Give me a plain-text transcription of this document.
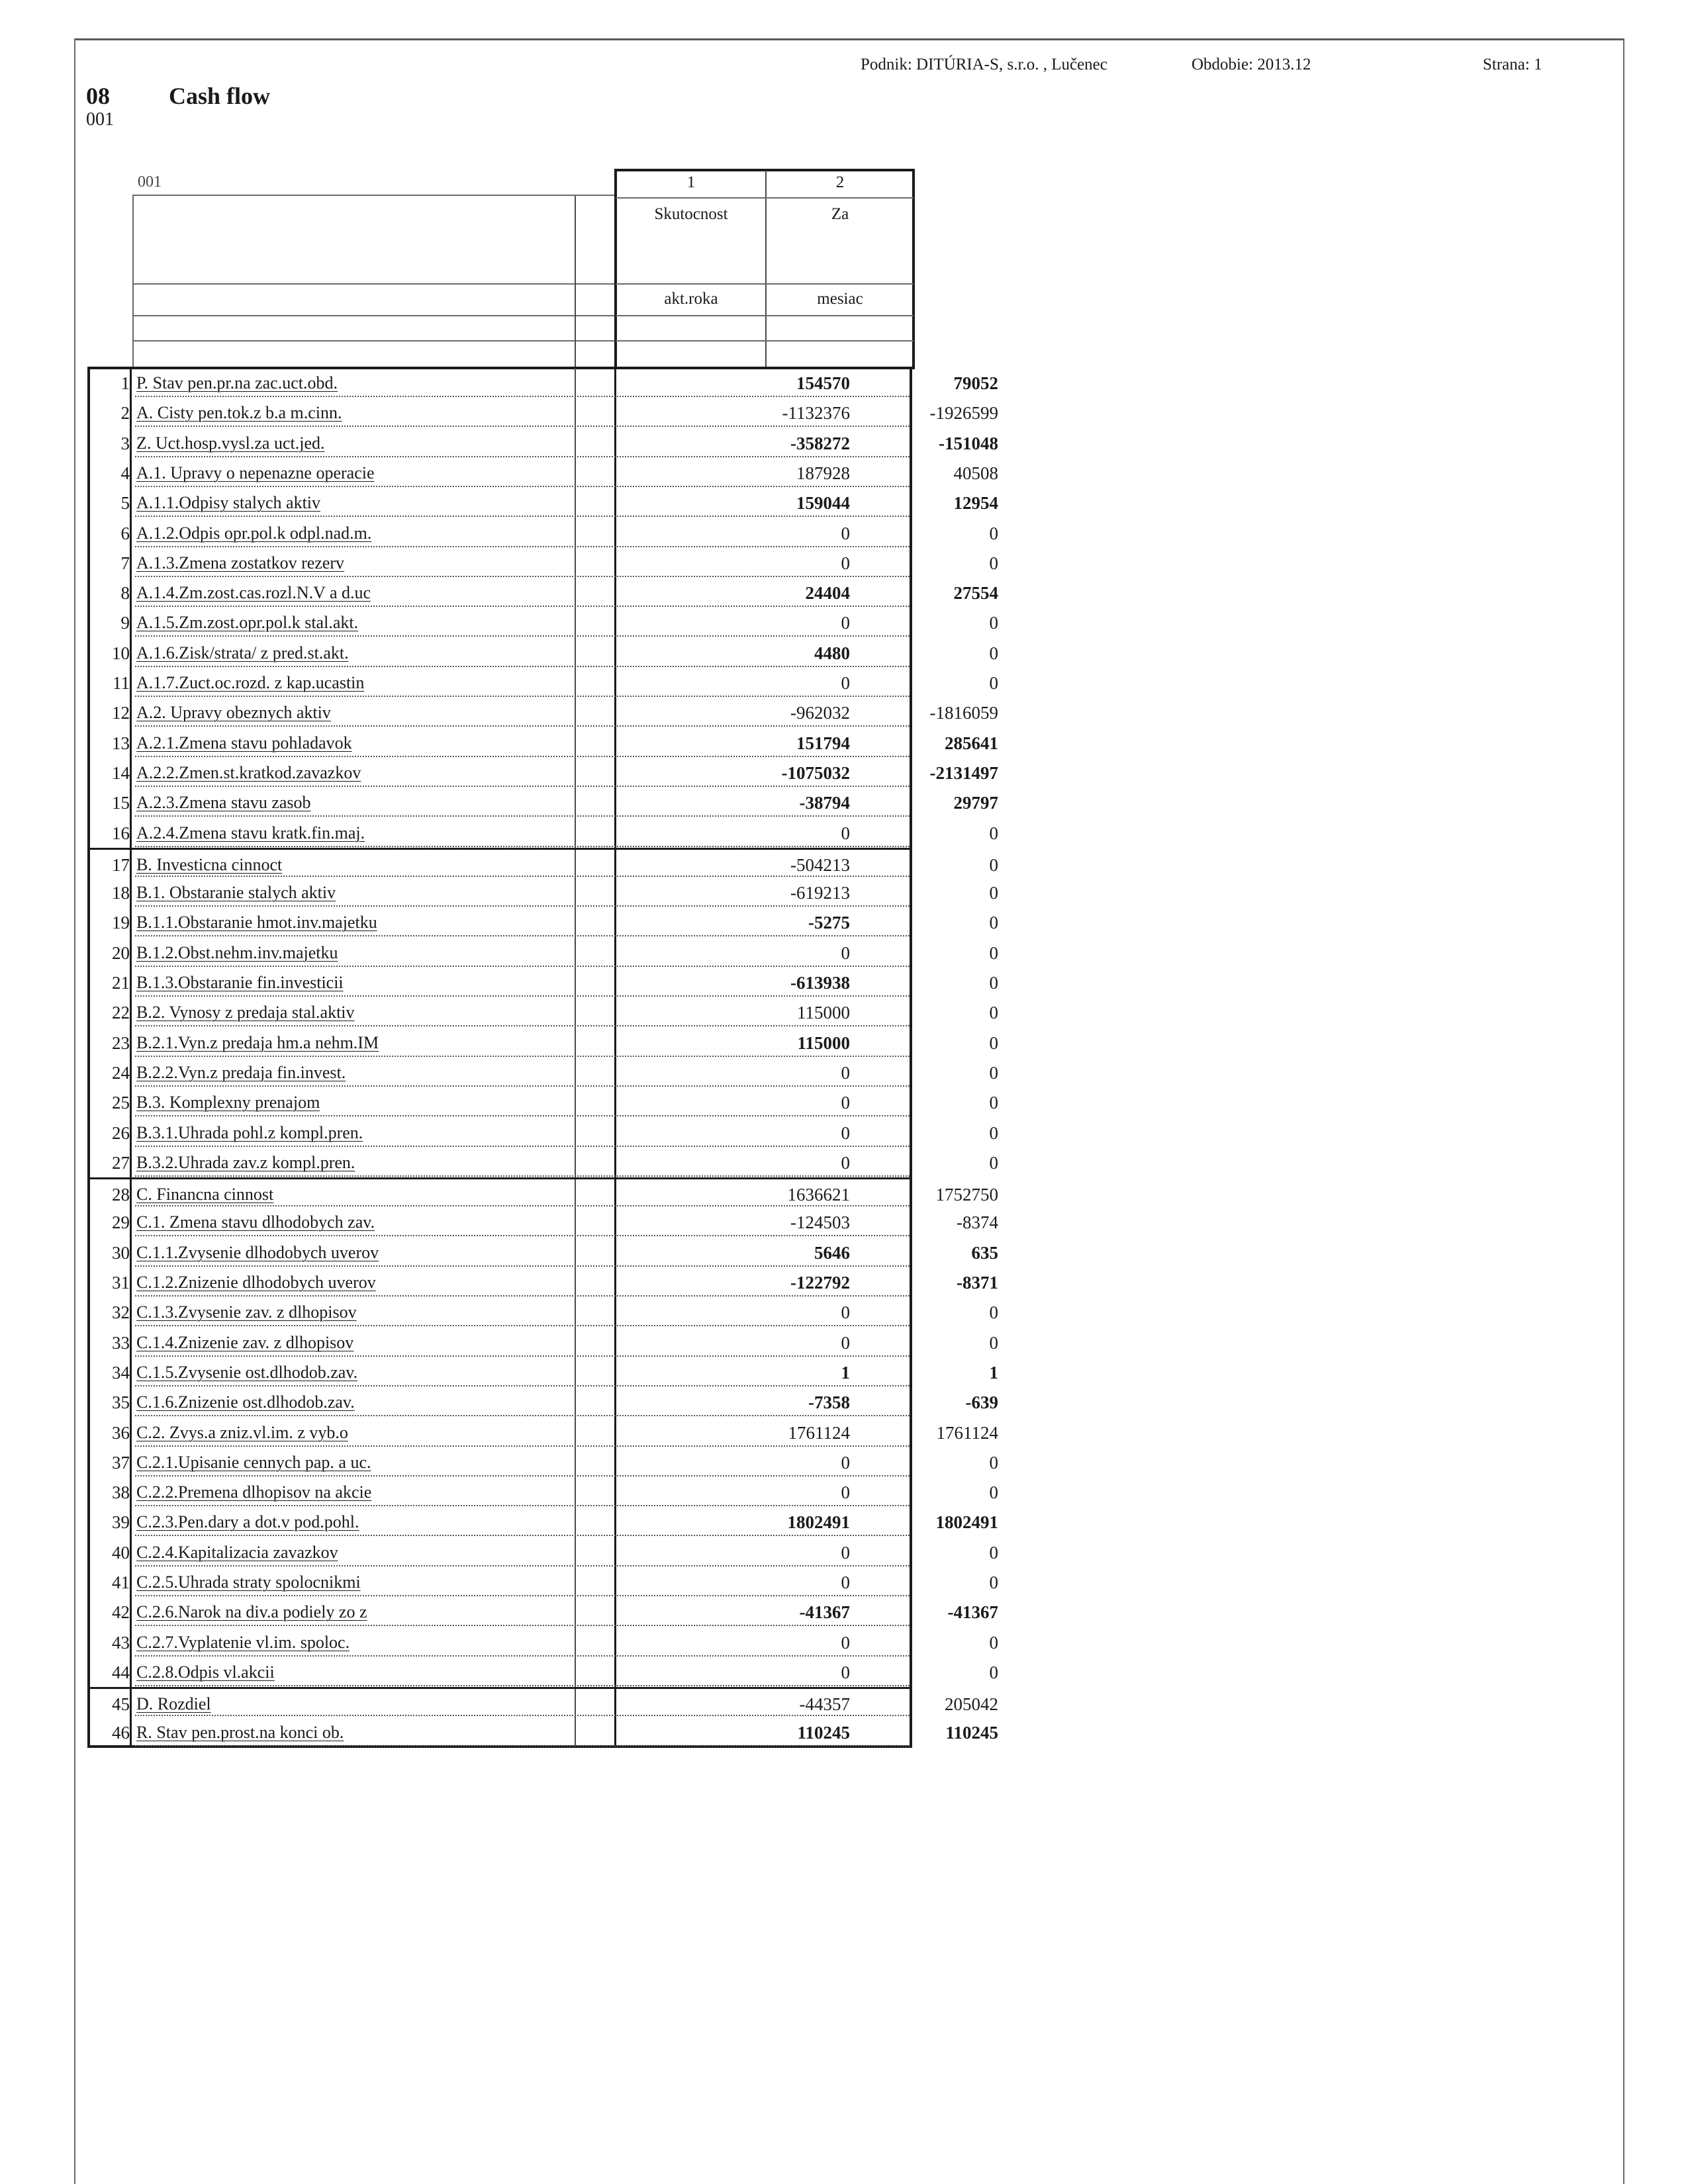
Podnik: DITÚRIA-S, s.r.o. , Lučenec	Obdobie: 2013.12	Strana: 1
08 Cash flow
001
001	1	2
Skutocnost	Za
akt.roka	mesiac
1 P. Stav pen.pr.na zac.uct.obd.	154570	79052
2 A. Cisty pen.tok.z b.a m.cinn.	-1132376	-1926599
3 Z. Uct.hosp.vysl.za uct.jed.	-358272	-151048
4 A.1. Upravy o nepenazne operacie	187928	40508
5 A.1.1.Odpisy stalych aktiv	159044	12954
6 A.1.2.Odpis opr.pol.k odpl.nad.m.	0	0
7 A.1.3.Zmena zostatkov rezerv	0	0
8 A.1.4.Zm.zost.cas.rozl.N.V a d.uc	24404	27554
9 A.1.5.Zm.zost.opr.pol.k stal.akt.	0	0
10 A.1.6.Zisk/strata/ z pred.st.akt.	4480	0
11 A.1.7.Zuct.oc.rozd. z kap.ucastin	0	0
12 A.2. Upravy obeznych aktiv	-962032	-1816059
13 A.2.1.Zmena stavu pohladavok	151794	285641
14 A.2.2.Zmen.st.kratkod.zavazkov	-1075032	-2131497
15 A.2.3.Zmena stavu zasob	-38794	29797
16 A.2.4.Zmena stavu kratk.fin.maj.	0	0
17 B. Investicna cinnoct	-504213	0
18 B.1. Obstaranie stalych aktiv	-619213	0
19 B.1.1.Obstaranie hmot.inv.majetku	-5275	0
20 B.1.2.Obst.nehm.inv.majetku	0	0
21 B.1.3.Obstaranie fin.investicii	-613938	0
22 B.2. Vynosy z predaja stal.aktiv	115000	0
23 B.2.1.Vyn.z predaja hm.a nehm.IM	115000	0
24 B.2.2.Vyn.z predaja fin.invest.	0	0
25 B.3. Komplexny prenajom	0	0
26 B.3.1.Uhrada pohl.z kompl.pren.	0	0
27 B.3.2.Uhrada zav.z kompl.pren.	0	0
28 C. Financna cinnost	1636621	1752750
29 C.1. Zmena stavu dlhodobych zav.	-124503	-8374
30 C.1.1.Zvysenie dlhodobych uverov	5646	635
31 C.1.2.Znizenie dlhodobych uverov	-122792	-8371
32 C.1.3.Zvysenie zav. z dlhopisov	0	0
33 C.1.4.Znizenie zav. z dlhopisov	0	0
34 C.1.5.Zvysenie ost.dlhodob.zav.	1	1
35 C.1.6.Znizenie ost.dlhodob.zav.	-7358	-639
36 C.2. Zvys.a zniz.vl.im. z vyb.o	1761124	1761124
37 C.2.1.Upisanie cennych pap. a uc.	0	0
38 C.2.2.Premena dlhopisov na akcie	0	0
39 C.2.3.Pen.dary a dot.v pod.pohl.	1802491	1802491
40 C.2.4.Kapitalizacia zavazkov	0	0
41 C.2.5.Uhrada straty spolocnikmi	0	0
42 C.2.6.Narok na div.a podiely zo z	-41367	-41367
43 C.2.7.Vyplatenie vl.im. spoloc.	0	0
44 C.2.8.Odpis vl.akcii	0	0
45 D. Rozdiel	-44357	205042
46 R. Stav pen.prost.na konci ob.	110245	110245
